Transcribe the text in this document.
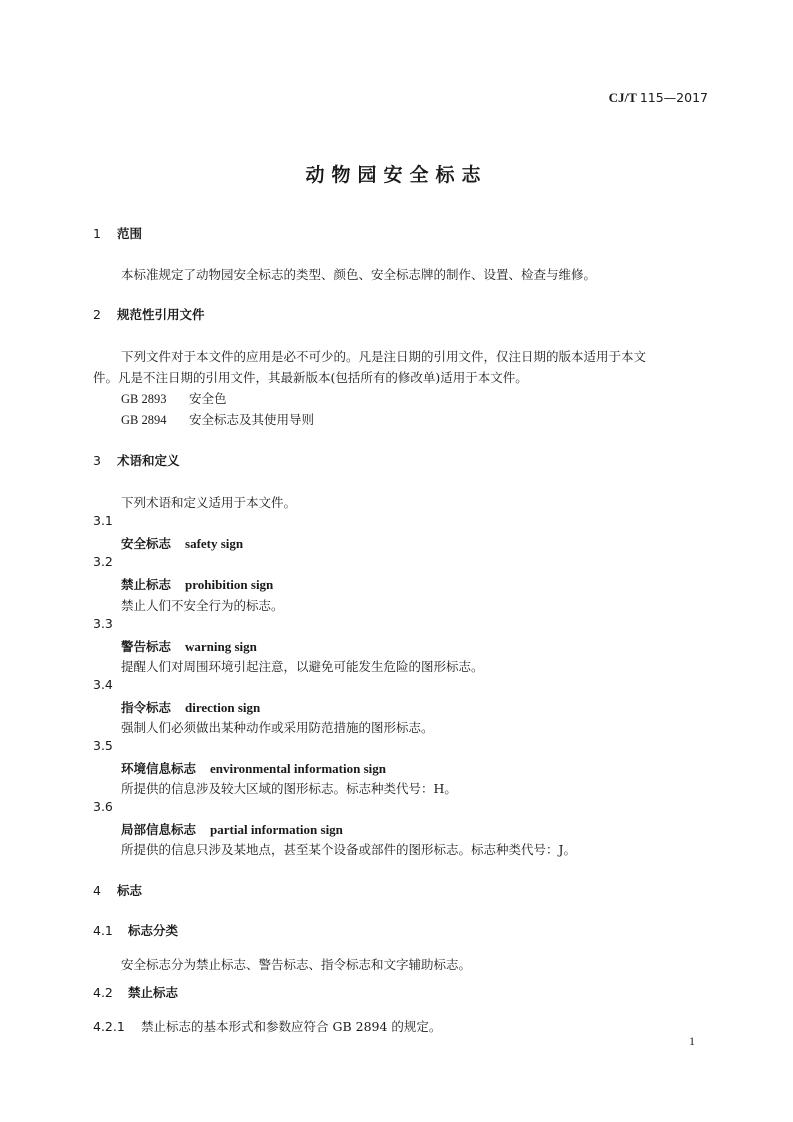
CJ/T 115—2017
动物园安全标志
1 范围
本标准规定了动物园安全标志的类型、颜色、安全标志牌的制作、设置、检查与维修。
2 规范性引用文件
下列文件对于本文件的应用是必不可少的。凡是注日期的引用文件，仅注日期的版本适用于本文
件。凡是不注日期的引用文件，其最新版本(包括所有的修改单)适用于本文件。
GB 2893 安全色
GB 2894 安全标志及其使用导则
3 术语和定义
下列术语和定义适用于本文件。
3.1
安全标志 safety sign
3.2
禁止标志 prohibition sign
禁止人们不安全行为的标志。
3.3
警告标志 warning sign
提醒人们对周围环境引起注意，以避免可能发生危险的图形标志。
3.4
指令标志 direction sign
强制人们必须做出某种动作或采用防范措施的图形标志。
3.5
环境信息标志 environmental information sign
所提供的信息涉及较大区域的图形标志。标志种类代号：H。
3.6
局部信息标志 partial information sign
所提供的信息只涉及某地点，甚至某个设备或部件的图形标志。标志种类代号：J。
4 标志
4.1 标志分类
安全标志分为禁止标志、警告标志、指令标志和文字辅助标志。
4.2 禁止标志
4.2.1 禁止标志的基本形式和参数应符合 GB 2894 的规定。
1
